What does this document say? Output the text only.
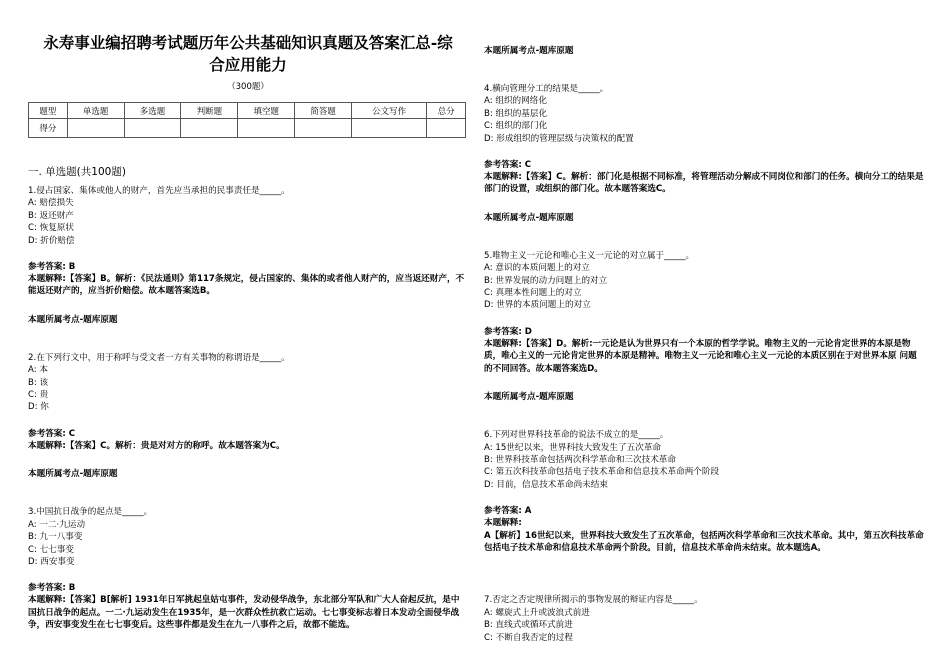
永寿事业编招聘考试题历年公共基础知识真题及答案汇总-综
合应用能力
（300题）
题型	单选题	多选题	判断题	填空题	简答题	公文写作	总分
得分							
一. 单选题(共100题)
1.侵占国家、集体或他人的财产，首先应当承担的民事责任是_____。
A: 赔偿损失
B: 返还财产
C: 恢复原状
D: 折价赔偿
参考答案: B
本题解释:【答案】B。解析：《民法通则》第117条规定，侵占国家的、集体的或者他人财产的，应当返还财产，不能返还财产的，应当折价赔偿。故本题答案选B。
本题所属考点-题库原题
2.在下列行文中，用于称呼与受文者一方有关事物的称谓语是_____。
A: 本
B: 该
C: 贵
D: 你
参考答案: C
本题解释:【答案】C。解析：贵是对对方的称呼。故本题答案为C。
本题所属考点-题库原题
3.中国抗日战争的起点是_____。
A: 一二·九运动
B: 九一八事变
C: 七七事变
D: 西安事变
参考答案: B
本题解释:【答案】B[解析] 1931年日军挑起皇姑屯事件，发动侵华战争，东北部分军队和广大人奋起反抗，是中国抗日战争的起点。一二·九运动发生在1935年，是一次群众性抗救亡运动。七七事变标志着日本发动全面侵华战争，西安事变发生在七七事变后。这些事件都是发生在九一八事件之后，故都不能选。
本题所属考点-题库原题
4.横向管理分工的结果是_____。
A: 组织的网络化
B: 组织的基层化
C: 组织的部门化
D: 形成组织的管理层级与决策权的配置
参考答案: C
本题解释:【答案】C。解析：部门化是根据不同标准，将管理活动分解成不同岗位和部门的任务。横向分工的结果是部门的设置，或组织的部门化。故本题答案选C。
本题所属考点-题库原题
5.唯物主义一元论和唯心主义一元论的对立属于_____。
A: 意识的本质问题上的对立
B: 世界发展的动力问题上的对立
C: 真理本性问题上的对立
D: 世界的本质问题上的对立
参考答案: D
本题解释:【答案】D。解析:一元论是认为世界只有一个本原的哲学学说。唯物主义的一元论肯定世界的本原是物 质，唯心主义的一元论肯定世界的本原是精神。唯物主义一元论和唯心主义一元论的本质区别在于对世界本原 问题的不同回答。故本题答案选D。
本题所属考点-题库原题
6.下列对世界科技革命的说法不成立的是_____。
A: 15世纪以来，世界科技大致发生了五次革命
B: 世界科技革命包括两次科学革命和三次技术革命
C: 第五次科技革命包括电子技术革命和信息技术革命两个阶段
D: 目前，信息技术革命尚未结束
参考答案: A
本题解释:
A【解析】16世纪以来，世界科技大致发生了五次革命，包括两次科学革命和三次技术革命。其中，第五次科技革命包括电子技术革命和信息技术革命两个阶段。目前，信息技术革命尚未结束。故本题选A。
7.否定之否定规律所揭示的事物发展的辩证内容是_____。
A: 螺旋式上升或波浪式前进
B: 直线式或循环式前进
C: 不断自我否定的过程
